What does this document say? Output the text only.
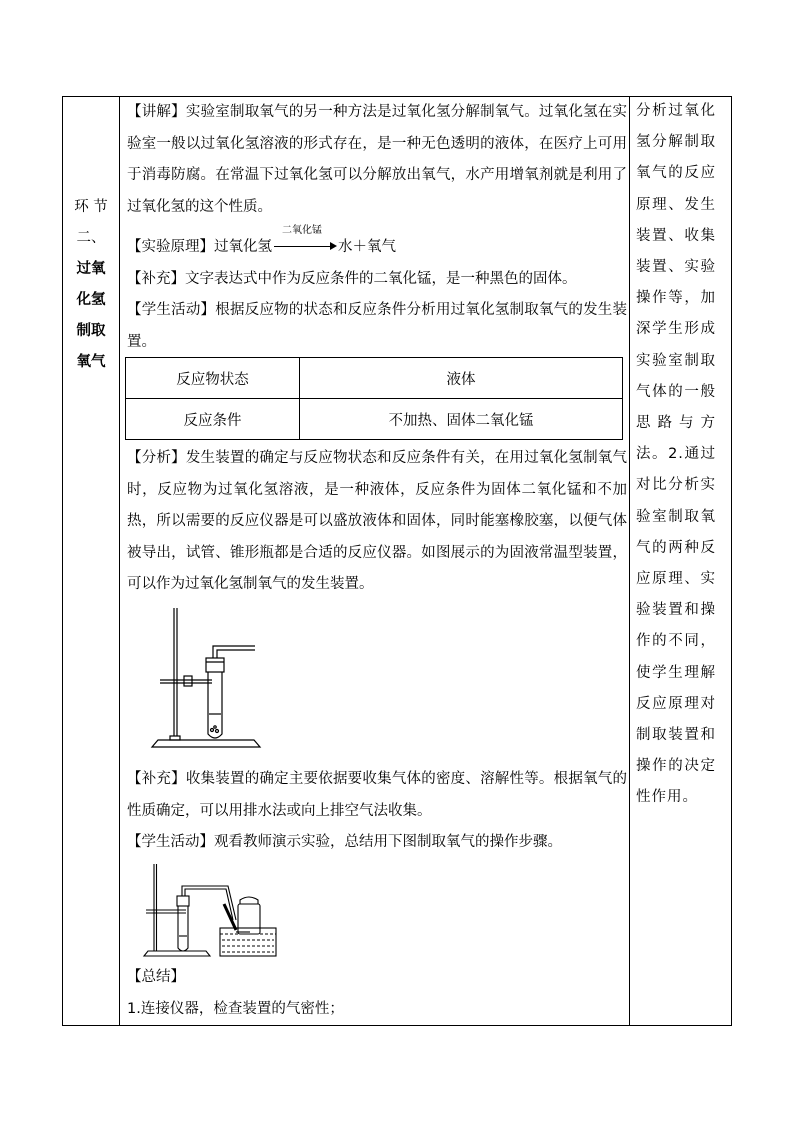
环 节
二、
过氧
化氢
制取
氧气

【讲解】实验室制取氧气的另一种方法是过氧化氢分解制氧气。过氧化氢在实验室一般以过氧化氢溶液的形式存在，是一种无色透明的液体，在医疗上可用于消毒防腐。在常温下过氧化氢可以分解放出氧气，水产用增氧剂就是利用了过氧化氢的这个性质。

【实验原理】过氧化氢
二氧化锰
水＋氧气

【补充】文字表达式中作为反应条件的二氧化锰，是一种黑色的固体。

【学生活动】根据反应物的状态和反应条件分析用过氧化氢制取氧气的发生装置。

反应物状态	液体
反应条件	不加热、固体二氧化锰

【分析】发生装置的确定与反应物状态和反应条件有关，在用过氧化氢制氧气时，反应物为过氧化氢溶液，是一种液体，反应条件为固体二氧化锰和不加热，所以需要的反应仪器是可以盛放液体和固体，同时能塞橡胶塞，以便气体被导出，试管、锥形瓶都是合适的反应仪器。如图展示的为固液常温型装置，可以作为过氧化氢制氧气的发生装置。

【补充】收集装置的确定主要依据要收集气体的密度、溶解性等。根据氧气的性质确定，可以用排水法或向上排空气法收集。

【学生活动】观看教师演示实验，总结用下图制取氧气的操作步骤。

【总结】

1.连接仪器，检查装置的气密性；

分析过氧化氢分解制取氧气的反应原理、发生装置、收集装置、实验操作等，加深学生形成实验室制取气体的一般思路与方法。2.通过对比分析实验室制取氧气的两种反应原理、实验装置和操作的不同，使学生理解反应原理对制取装置和操作的决定性作用。
